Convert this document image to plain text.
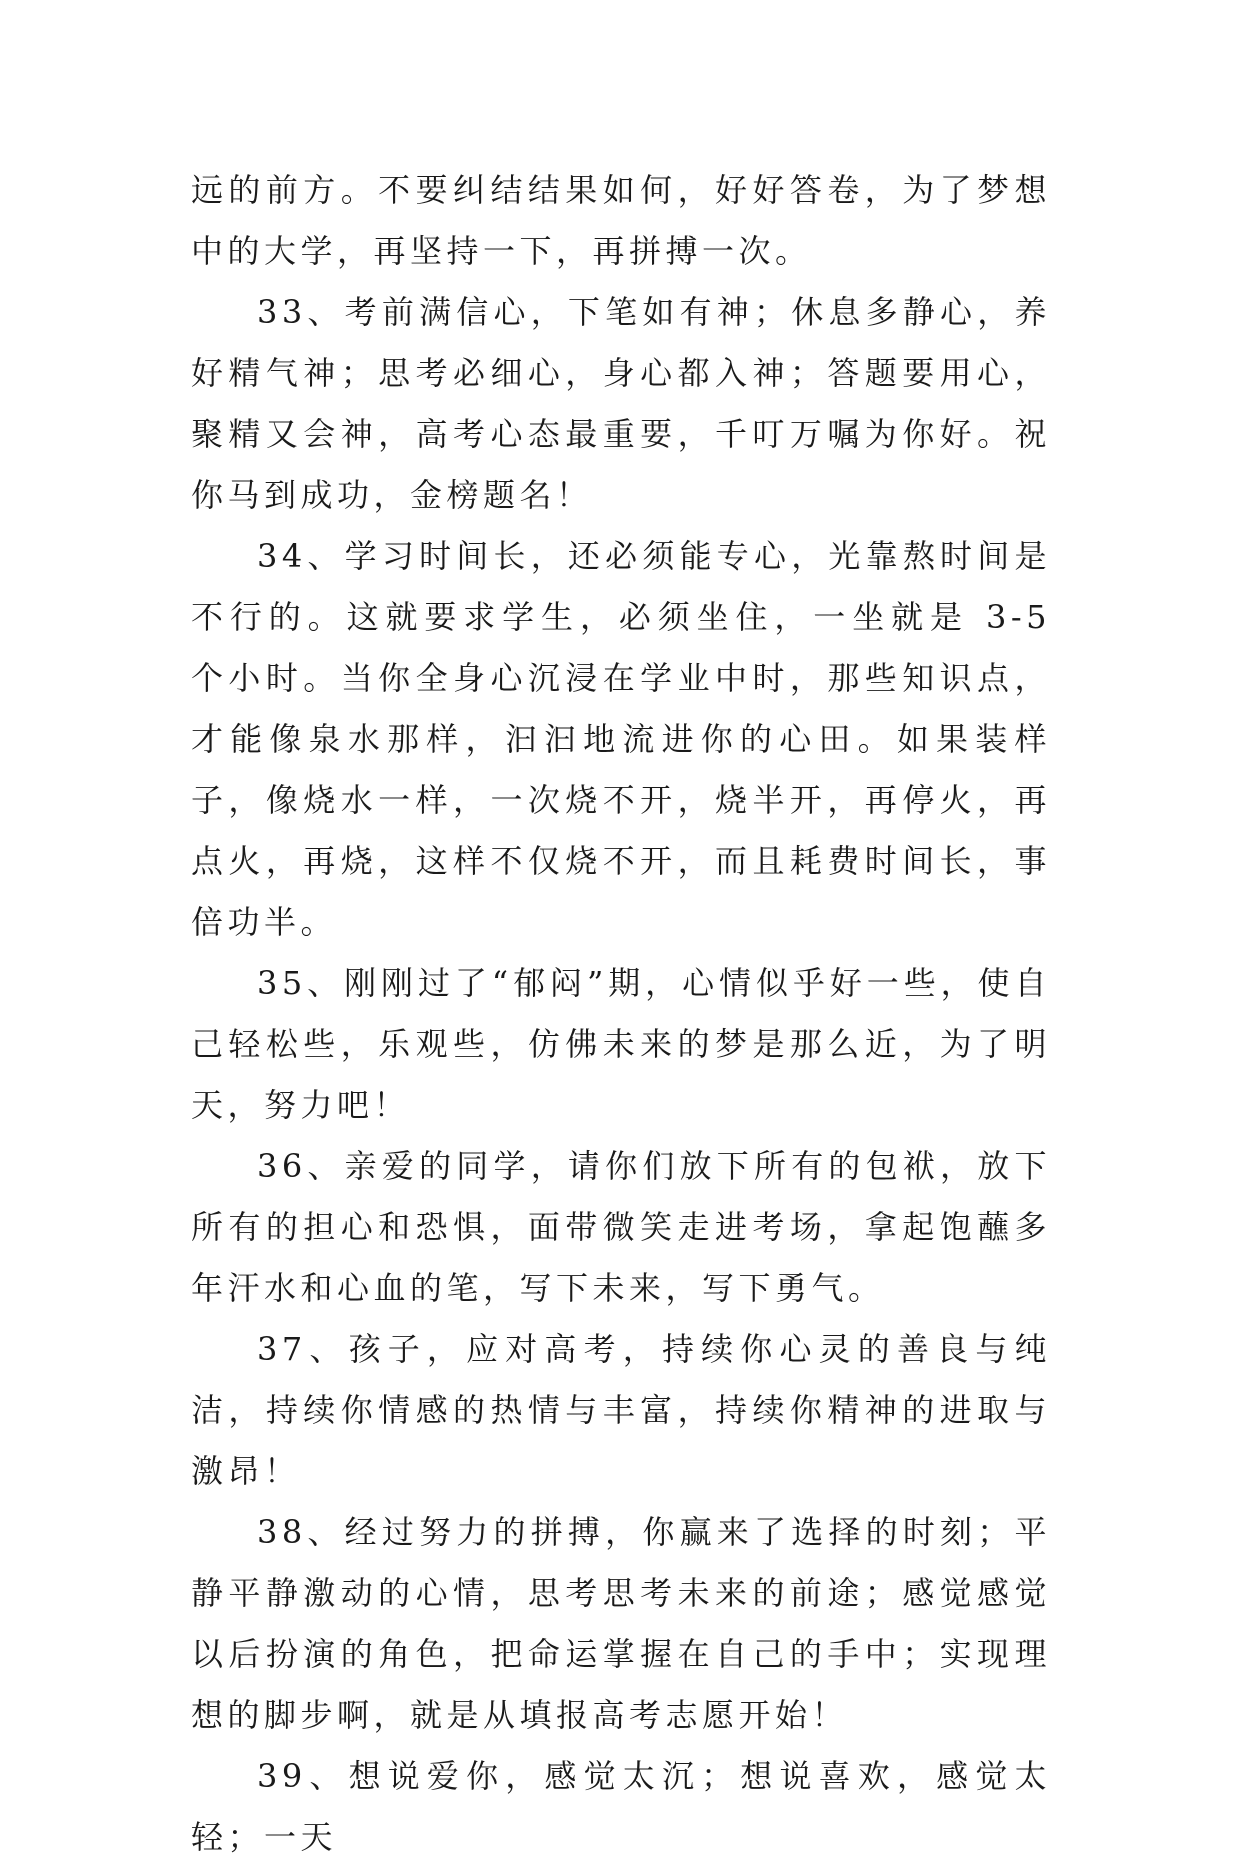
远的前方。不要纠结结果如何，好好答卷，为了梦想中的大学，再坚持一下，再拼搏一次。

33、考前满信心，下笔如有神；休息多静心，养好精气神；思考必细心，身心都入神；答题要用心，聚精又会神，高考心态最重要，千叮万嘱为你好。祝你马到成功，金榜题名！

34、学习时间长，还必须能专心，光靠熬时间是不行的。这就要求学生，必须坐住，一坐就是 3-5 个小时。当你全身心沉浸在学业中时，那些知识点，才能像泉水那样，汩汩地流进你的心田。如果装样子，像烧水一样，一次烧不开，烧半开，再停火，再点火，再烧，这样不仅烧不开，而且耗费时间长，事倍功半。

35、刚刚过了“郁闷”期，心情似乎好一些，使自己轻松些，乐观些，仿佛未来的梦是那么近，为了明天，努力吧！

36、亲爱的同学，请你们放下所有的包袱，放下所有的担心和恐惧，面带微笑走进考场，拿起饱蘸多年汗水和心血的笔，写下未来，写下勇气。

37、孩子，应对高考，持续你心灵的善良与纯洁，持续你情感的热情与丰富，持续你精神的进取与激昂！

38、经过努力的拼搏，你赢来了选择的时刻；平静平静激动的心情，思考思考未来的前途；感觉感觉以后扮演的角色，把命运掌握在自己的手中；实现理想的脚步啊，就是从填报高考志愿开始！

39、想说爱你，感觉太沉；想说喜欢，感觉太轻；一天
